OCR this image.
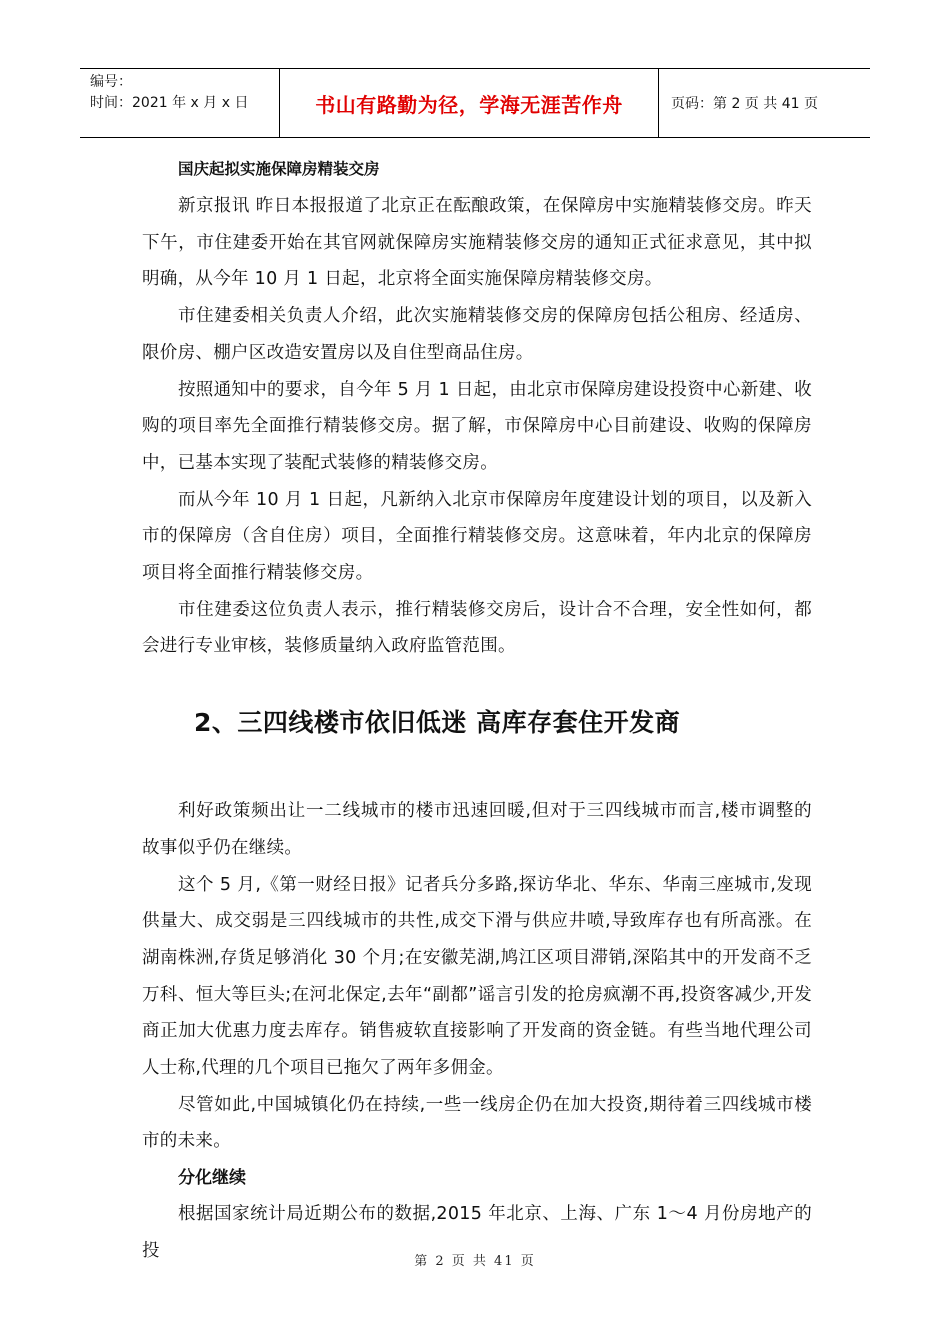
编号：
时间：2021 年 x 月 x 日	书山有路勤为径，学海无涯苦作舟	页码：第 2 页 共 41 页
国庆起拟实施保障房精装交房

新京报讯 昨日本报报道了北京正在酝酿政策，在保障房中实施精装修交房。昨天下午，市住建委开始在其官网就保障房实施精装修交房的通知正式征求意见，其中拟明确，从今年 10 月 1 日起，北京将全面实施保障房精装修交房。

市住建委相关负责人介绍，此次实施精装修交房的保障房包括公租房、经适房、限价房、棚户区改造安置房以及自住型商品住房。

按照通知中的要求，自今年 5 月 1 日起，由北京市保障房建设投资中心新建、收购的项目率先全面推行精装修交房。据了解，市保障房中心目前建设、收购的保障房中，已基本实现了装配式装修的精装修交房。

而从今年 10 月 1 日起，凡新纳入北京市保障房年度建设计划的项目，以及新入市的保障房（含自住房）项目，全面推行精装修交房。这意味着，年内北京的保障房项目将全面推行精装修交房。

市住建委这位负责人表示，推行精装修交房后，设计合不合理，安全性如何，都会进行专业审核，装修质量纳入政府监管范围。

2、三四线楼市依旧低迷 高库存套住开发商

利好政策频出让一二线城市的楼市迅速回暖,但对于三四线城市而言,楼市调整的故事似乎仍在继续。

这个 5 月,《第一财经日报》记者兵分多路,探访华北、华东、华南三座城市,发现供量大、成交弱是三四线城市的共性,成交下滑与供应井喷,导致库存也有所高涨。在湖南株洲,存货足够消化 30 个月;在安徽芜湖,鸠江区项目滞销,深陷其中的开发商不乏万科、恒大等巨头;在河北保定,去年“副都”谣言引发的抢房疯潮不再,投资客减少,开发商正加大优惠力度去库存。销售疲软直接影响了开发商的资金链。有些当地代理公司人士称,代理的几个项目已拖欠了两年多佣金。

尽管如此,中国城镇化仍在持续,一些一线房企仍在加大投资,期待着三四线城市楼市的未来。

分化继续

根据国家统计局近期公布的数据,2015 年北京、上海、广东 1～4 月份房地产的投

第 2 页 共 41 页
